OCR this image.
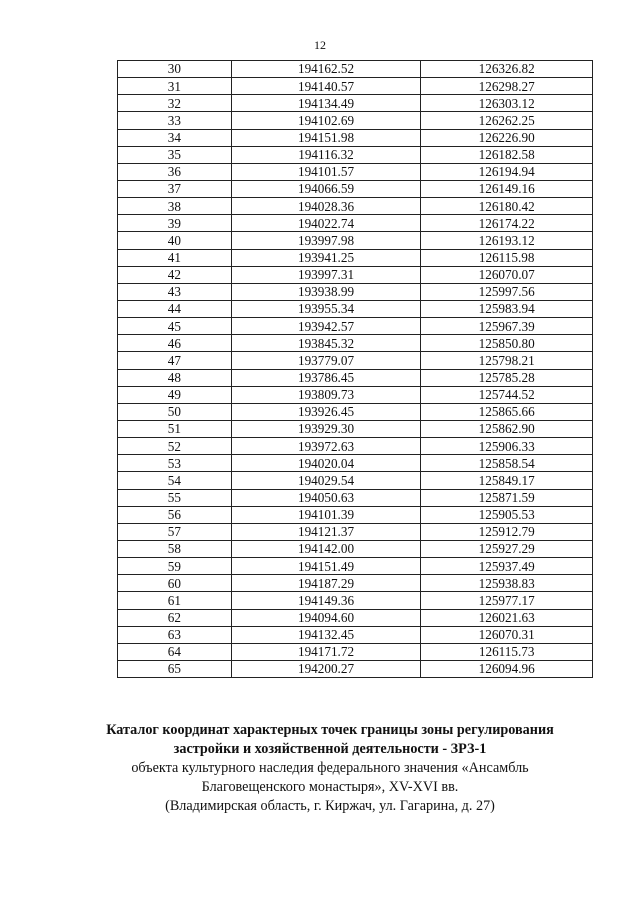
12
30	194162.52	126326.82
31	194140.57	126298.27
32	194134.49	126303.12
33	194102.69	126262.25
34	194151.98	126226.90
35	194116.32	126182.58
36	194101.57	126194.94
37	194066.59	126149.16
38	194028.36	126180.42
39	194022.74	126174.22
40	193997.98	126193.12
41	193941.25	126115.98
42	193997.31	126070.07
43	193938.99	125997.56
44	193955.34	125983.94
45	193942.57	125967.39
46	193845.32	125850.80
47	193779.07	125798.21
48	193786.45	125785.28
49	193809.73	125744.52
50	193926.45	125865.66
51	193929.30	125862.90
52	193972.63	125906.33
53	194020.04	125858.54
54	194029.54	125849.17
55	194050.63	125871.59
56	194101.39	125905.53
57	194121.37	125912.79
58	194142.00	125927.29
59	194151.49	125937.49
60	194187.29	125938.83
61	194149.36	125977.17
62	194094.60	126021.63
63	194132.45	126070.31
64	194171.72	126115.73
65	194200.27	126094.96
Каталог координат характерных точек границы зоны регулирования
застройки и хозяйственной деятельности - ЗРЗ-1
объекта культурного наследия федерального значения «Ансамбль
Благовещенского монастыря», XV-XVI вв.
(Владимирская область, г. Киржач, ул. Гагарина, д. 27)
